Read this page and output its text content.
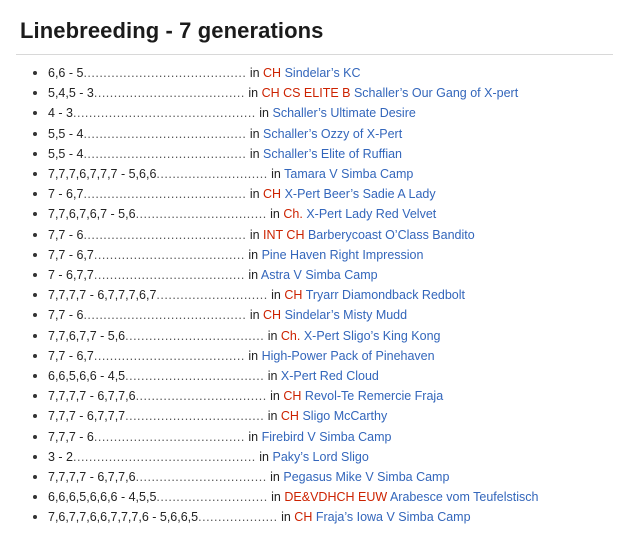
Linebreeding - 7 generations
6,6 - 5......................................... in CH Sindelar’s KC
5,4,5 - 3...................................... in CH CS ELITE B Schaller’s Our Gang of X-pert
4 - 3.............................................. in Schaller’s Ultimate Desire
5,5 - 4......................................... in Schaller’s Ozzy of X-Pert
5,5 - 4......................................... in Schaller’s Elite of Ruffian
7,7,7,6,7,7,7 - 5,6,6............................ in Tamara V Simba Camp
7 - 6,7......................................... in CH X-Pert Beer’s Sadie A Lady
7,7,6,7,6,7 - 5,6................................. in Ch. X-Pert Lady Red Velvet
7,7 - 6......................................... in INT CH Barberycoast O’Class Bandito
7,7 - 6,7...................................... in Pine Haven Right Impression
7 - 6,7,7...................................... in Astra V Simba Camp
7,7,7,7 - 6,7,7,7,6,7............................ in CH Tryarr Diamondback Redbolt
7,7 - 6......................................... in CH Sindelar’s Misty Mudd
7,7,6,7,7 - 5,6................................... in Ch. X-Pert Sligo’s King Kong
7,7 - 6,7...................................... in High-Power Pack of Pinehaven
6,6,5,6,6 - 4,5................................... in X-Pert Red Cloud
7,7,7,7 - 6,7,7,6................................. in CH Revol-Te Remercie Fraja
7,7,7 - 6,7,7,7................................... in CH Sligo McCarthy
7,7,7 - 6...................................... in Firebird V Simba Camp
3 - 2.............................................. in Paky’s Lord Sligo
7,7,7,7 - 6,7,7,6................................. in Pegasus Mike V Simba Camp
6,6,6,5,6,6,6 - 4,5,5............................ in DE&VDHCH EUW Arabesce vom Teufelstisch
7,6,7,7,6,6,7,7,7,6 - 5,6,6,5.................... in CH Fraja’s Iowa V Simba Camp
